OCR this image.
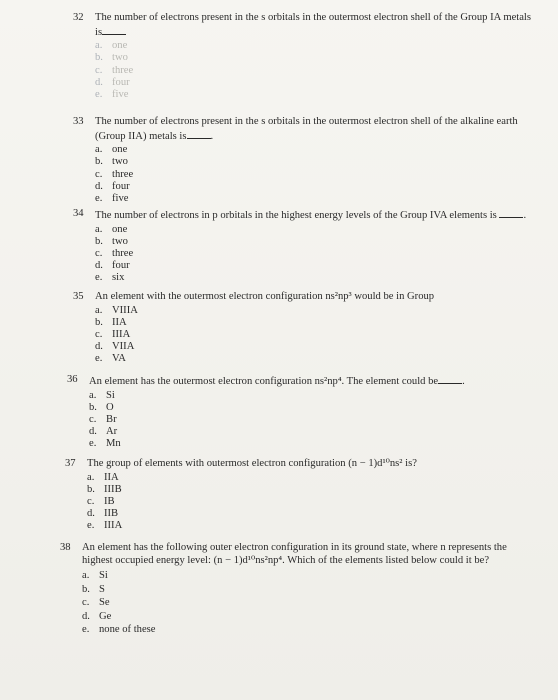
32	The number of electrons present in the s orbitals in the outermost electron shell of the Group IA metals
is
a. one
b. two
c. three
d. four
e. five
33	The number of electrons present in the s orbitals in the outermost electron shell of the alkaline earth
(Group IIA) metals is .
a. one
b. two
c. three
d. four
e. five
34	The number of electrons in p orbitals in the highest energy levels of the Group IVA elements is	.
a. one
b. two
c. three
d. four
e. six
35	An element with the outermost electron configuration ns²np³ would be in Group
a. VIIIA
b. IIA
c. IIIA
d. VIIA
e. VA
36	An element has the outermost electron configuration ns²np⁴. The element could be .
a. Si
b. O
c. Br
d. Ar
e. Mn
37	The group of elements with outermost electron configuration (n − 1)d¹⁰ns² is?
a. IIA
b. IIIB
c. IB
d. IIB
e. IIIA
38	An element has the following outer electron configuration in its ground state, where n represents the
highest occupied energy level: (n − 1)d¹⁰ns²np⁴. Which of the elements listed below could it be?
a. Si
b. S
c. Se
d. Ge
e. none of these
